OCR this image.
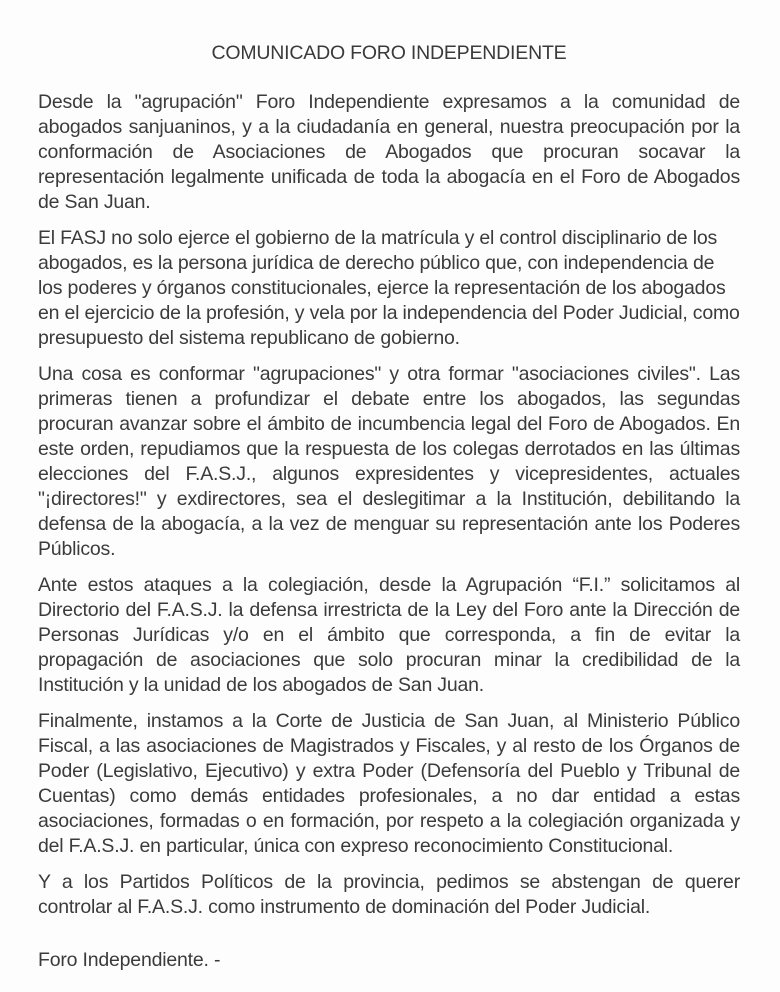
COMUNICADO FORO INDEPENDIENTE

Desde la "agrupación" Foro Independiente expresamos a la comunidad de abogados sanjuaninos, y a la ciudadanía en general, nuestra preocupación por la conformación de Asociaciones de Abogados que procuran socavar la representación legalmente unificada de toda la abogacía en el Foro de Abogados de San Juan.

El FASJ no solo ejerce el gobierno de la matrícula y el control disciplinario de los abogados, es la persona jurídica de derecho público que, con independencia de los poderes y órganos constitucionales, ejerce la representación de los abogados en el ejercicio de la profesión, y vela por la independencia del Poder Judicial, como presupuesto del sistema republicano de gobierno.

Una cosa es conformar "agrupaciones" y otra formar "asociaciones civiles". Las primeras tienen a profundizar el debate entre los abogados, las segundas procuran avanzar sobre el ámbito de incumbencia legal del Foro de Abogados. En este orden, repudiamos que la respuesta de los colegas derrotados en las últimas elecciones del F.A.S.J., algunos expresidentes y vicepresidentes, actuales "¡directores!" y exdirectores, sea el deslegitimar a la Institución, debilitando la defensa de la abogacía, a la vez de menguar su representación ante los Poderes Públicos.

Ante estos ataques a la colegiación, desde la Agrupación “F.I.” solicitamos al Directorio del F.A.S.J. la defensa irrestricta de la Ley del Foro ante la Dirección de Personas Jurídicas y/o en el ámbito que corresponda, a fin de evitar la propagación de asociaciones que solo procuran minar la credibilidad de la Institución y la unidad de los abogados de San Juan.

Finalmente, instamos a la Corte de Justicia de San Juan, al Ministerio Público Fiscal, a las asociaciones de Magistrados y Fiscales, y al resto de los Órganos de Poder (Legislativo, Ejecutivo) y extra Poder (Defensoría del Pueblo y Tribunal de Cuentas) como demás entidades profesionales, a no dar entidad a estas asociaciones, formadas o en formación, por respeto a la colegiación organizada y del F.A.S.J. en particular, única con expreso reconocimiento Constitucional.

Y a los Partidos Políticos de la provincia, pedimos se abstengan de querer controlar al F.A.S.J. como instrumento de dominación del Poder Judicial.

Foro Independiente. -
